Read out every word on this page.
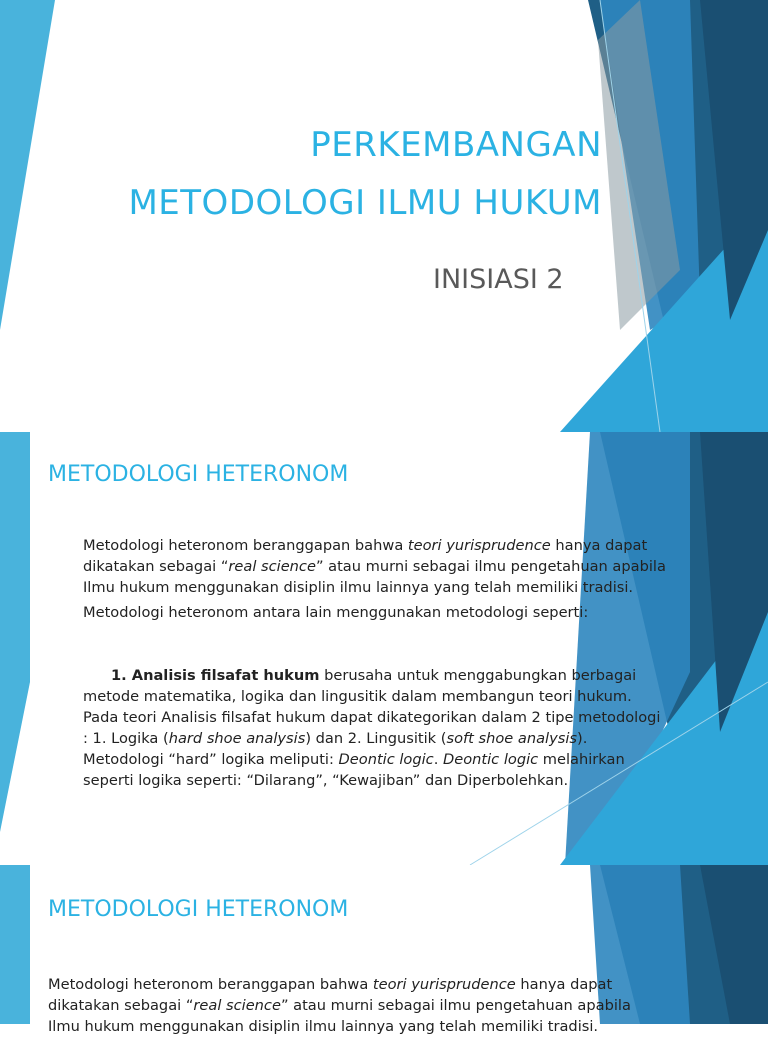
PERKEMBANGAN
METODOLOGI ILMU HUKUM
INISIASI 2
METODOLOGI HETERONOM

Metodologi heteronom beranggapan bahwa teori yurisprudence hanya dapat

dikatakan sebagai “real science” atau murni sebagai ilmu pengetahuan apabila

Ilmu hukum menggunakan disiplin ilmu lainnya yang telah memiliki tradisi.

Metodologi heteronom antara lain menggunakan metodologi seperti:

1. Analisis filsafat hukum berusaha untuk menggabungkan berbagai

metode matematika, logika dan lingusitik dalam membangun teori hukum.

Pada teori Analisis filsafat hukum dapat dikategorikan dalam 2 tipe metodologi

: 1. Logika (hard shoe analysis) dan 2. Lingusitik (soft shoe analysis).

Metodologi “hard” logika meliputi: Deontic logic. Deontic logic melahirkan

seperti logika seperti: “Dilarang”, “Kewajiban” dan Diperbolehkan.

METODOLOGI HETERONOM

Metodologi heteronom beranggapan bahwa teori yurisprudence hanya dapat

dikatakan sebagai “real science” atau murni sebagai ilmu pengetahuan apabila

Ilmu hukum menggunakan disiplin ilmu lainnya yang telah memiliki tradisi.
